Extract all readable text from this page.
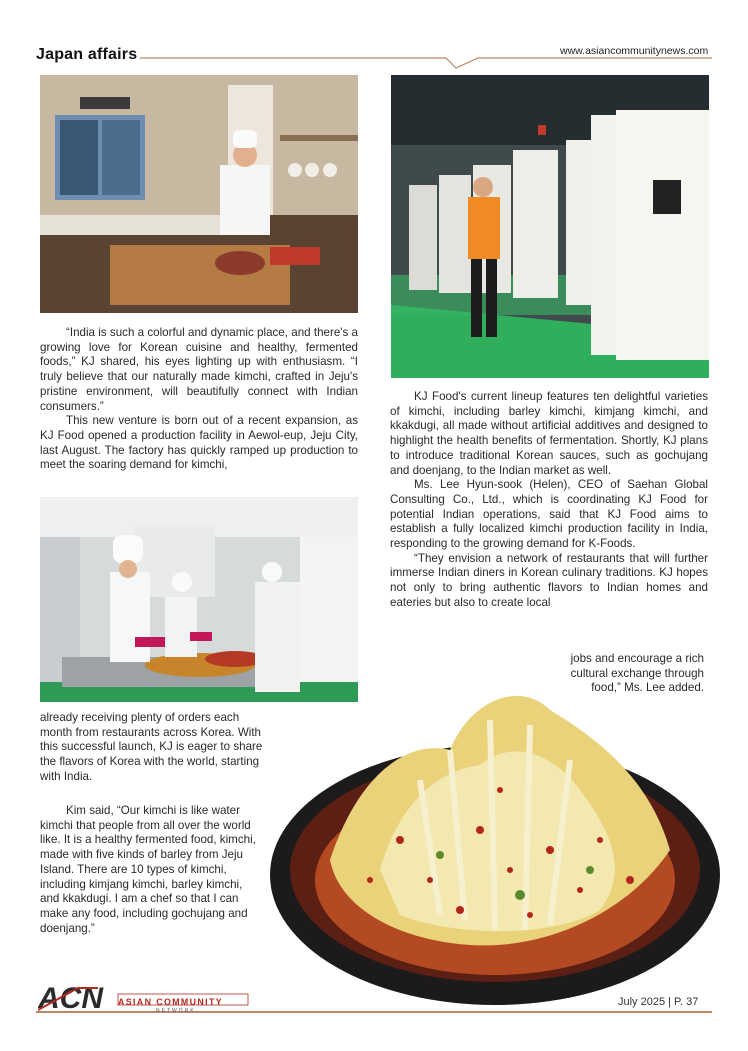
Japan affairs	www.asiancommunitynews.com

“India is such a colorful and dynamic place, and there's a growing love for Korean cuisine and healthy, fermented foods,” KJ shared, his eyes lighting up with enthusiasm. “I truly believe that our naturally made kimchi, crafted in Jeju's pristine environment, will beautifully connect with Indian consumers.”

This new venture is born out of a recent expansion, as KJ Food opened a production facility in Aewol-eup, Jeju City, last August. The factory has quickly ramped up production to meet the soaring demand for kimchi,

KJ Food's current lineup features ten delightful varieties of kimchi, including barley kimchi, kimjang kimchi, and kkakdugi, all made without artificial additives and designed to highlight the health benefits of fermentation. Shortly, KJ plans to introduce traditional Korean sauces, such as gochujang and doenjang, to the Indian market as well.

Ms. Lee Hyun-sook (Helen), CEO of Saehan Global Consulting Co., Ltd., which is coordinating KJ Food for potential Indian operations, said that KJ Food aims to establish a fully localized kimchi production facility in India, responding to the growing demand for K-Foods.

“They envision a network of restaurants that will further immerse Indian diners in Korean culinary traditions. KJ hopes not only to bring authentic flavors to Indian homes and eateries but also to create local

jobs and encourage a rich
cultural exchange through
food,” Ms. Lee added.

already receiving plenty of orders each month from restaurants across Korea. With this successful launch, KJ is eager to share the flavors of Korea with the world, starting with India.

Kim said, “Our kimchi is like water kimchi that people from all over the world like. It is a healthy fermented food, kimchi, made with five kinds of barley from Jeju Island. There are 10 types of kimchi, including kimjang kimchi, barley kimchi, and kkakdugi. I am a chef so that I can make any food, including gochujang and doenjang.”

ACN ASIAN COMMUNITY
NETWORK
July 2025 | P. 37
